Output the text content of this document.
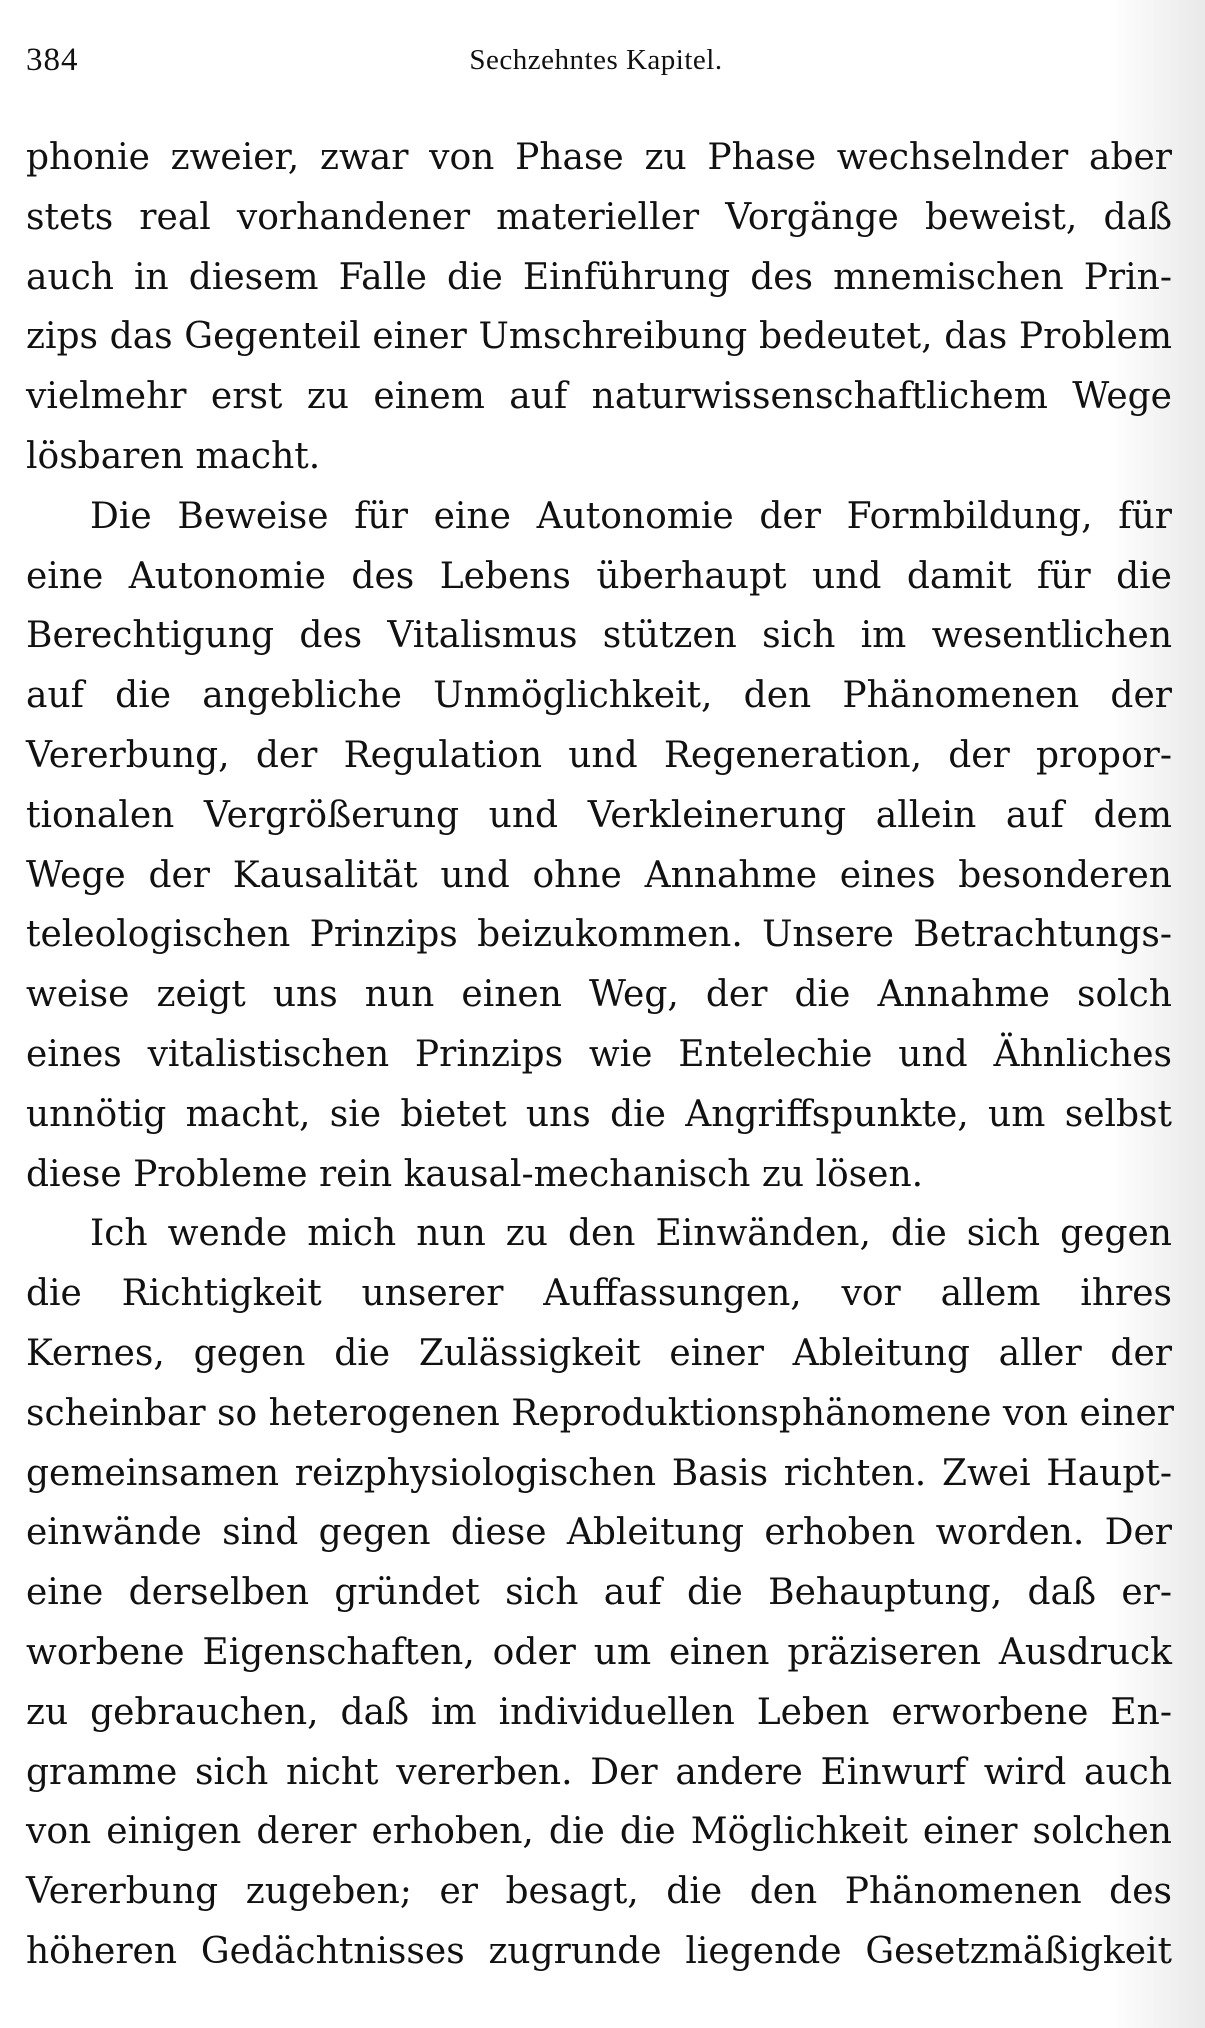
384	Sechzehntes Kapitel.
phonie zweier, zwar von Phase zu Phase wechselnder aber
stets real vorhandener materieller Vorgänge beweist, daß
auch in diesem Falle die Einführung des mnemischen Prin-
zips das Gegenteil einer Umschreibung bedeutet, das Problem
vielmehr erst zu einem auf naturwissenschaftlichem Wege
lösbaren macht.
Die Beweise für eine Autonomie der Formbildung, für
eine Autonomie des Lebens überhaupt und damit für die
Berechtigung des Vitalismus stützen sich im wesentlichen
auf die angebliche Unmöglichkeit, den Phänomenen der
Vererbung, der Regulation und Regeneration, der propor-
tionalen Vergrößerung und Verkleinerung allein auf dem
Wege der Kausalität und ohne Annahme eines besonderen
teleologischen Prinzips beizukommen. Unsere Betrachtungs-
weise zeigt uns nun einen Weg, der die Annahme solch
eines vitalistischen Prinzips wie Entelechie und Ähnliches
unnötig macht, sie bietet uns die Angriffspunkte, um selbst
diese Probleme rein kausal-mechanisch zu lösen.
Ich wende mich nun zu den Einwänden, die sich gegen
die Richtigkeit unserer Auffassungen, vor allem ihres
Kernes, gegen die Zulässigkeit einer Ableitung aller der
scheinbar so heterogenen Reproduktionsphänomene von einer
gemeinsamen reizphysiologischen Basis richten. Zwei Haupt-
einwände sind gegen diese Ableitung erhoben worden. Der
eine derselben gründet sich auf die Behauptung, daß er-
worbene Eigenschaften, oder um einen präziseren Ausdruck
zu gebrauchen, daß im individuellen Leben erworbene En-
gramme sich nicht vererben. Der andere Einwurf wird auch
von einigen derer erhoben, die die Möglichkeit einer solchen
Vererbung zugeben; er besagt, die den Phänomenen des
höheren Gedächtnisses zugrunde liegende Gesetzmäßigkeit
